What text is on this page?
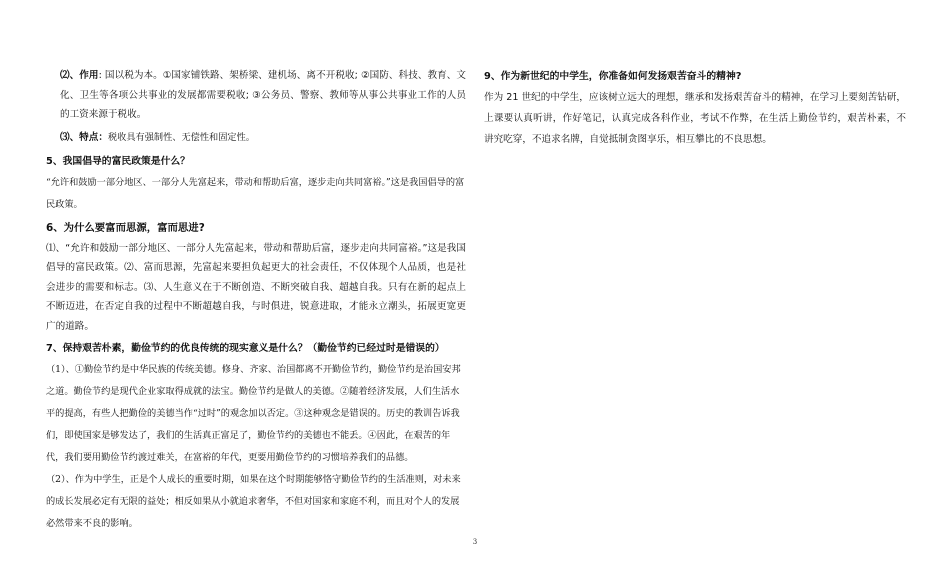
⑵、作用: 国以税为本。①国家铺铁路、架桥梁、建机场、离不开税收; ②国防、科技、教育、文化、卫生等各项公共事业的发展都需要税收; ③公务员、警察、教师等从事公共事业工作的人员的工资来源于税收。

⑶、特点：税收具有强制性、无偿性和固定性。

5、我国倡导的富民政策是什么？

“允许和鼓励一部分地区、一部分人先富起来，带动和帮助后富，逐步走向共同富裕。”这是我国倡导的富民政策。

6、为什么要富而思源，富而思进?

⑴、“允许和鼓励一部分地区、一部分人先富起来，带动和帮助后富，逐步走向共同富裕。”这是我国倡导的富民政策。⑵、富而思源，先富起来要担负起更大的社会责任，不仅体现个人品质，也是社会进步的需要和标志。⑶、人生意义在于不断创造、不断突破自我、超越自我。只有在新的起点上不断迈进，在否定自我的过程中不断超越自我，与时俱进，锐意进取，才能永立潮头，拓展更宽更广的道路。

7、保持艰苦朴素，勤俭节约的优良传统的现实意义是什么？（勤俭节约已经过时是错误的）

（1）、①勤俭节约是中华民族的传统美德。修身、齐家、治国都离不开勤俭节约，勤俭节约是治国安邦之道。勤俭节约是现代企业家取得成就的法宝。勤俭节约是做人的美德。②随着经济发展，人们生活水平的提高，有些人把勤俭的美德当作“过时”的观念加以否定。③这种观念是错误的。历史的教训告诉我们，即使国家是够发达了，我们的生活真正富足了，勤俭节约的美德也不能丢。④因此，在艰苦的年代，我们要用勤俭节约渡过难关，在富裕的年代，更要用勤俭节约的习惯培养我们的品德。

（2）、作为中学生，正是个人成长的重要时期，如果在这个时期能够恪守勤俭节约的生活准则，对未来的成长发展必定有无限的益处；相反如果从小就追求奢华，不但对国家和家庭不利，而且对个人的发展必然带来不良的影响。

9、作为新世纪的中学生，你准备如何发扬艰苦奋斗的精神?

作为 21 世纪的中学生，应该树立远大的理想，继承和发扬艰苦奋斗的精神，在学习上要刻苦钻研，上课要认真听讲，作好笔记，认真完成各科作业，考试不作弊，在生活上勤俭节约，艰苦朴素，不讲究吃穿，不追求名牌，自觉抵制贪图享乐，相互攀比的不良思想。

3
